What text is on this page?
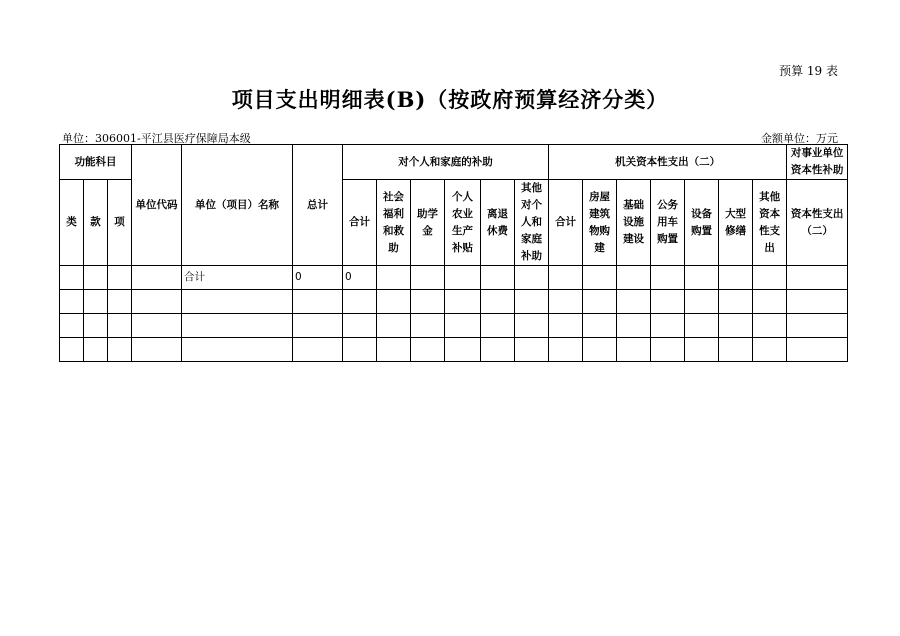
预算 19 表
项目支出明细表(B)（按政府预算经济分类）
单位：306001-平江县医疗保障局本级	金额单位：万元
功能科目			单位代码	单位（项目）名称	总计	对个人和家庭的补助						机关资本性支出（二）							对事业单位资本性补助
类	款	项				合计	社会福利和救助	助学金	个人农业生产补贴	离退休费	其他对个人和家庭补助	合计	房屋建筑物购建	基础设施建设	公务用车购置	设备购置	大型修缮	其他资本性支出	资本性支出（二）
				合计	0	0													
